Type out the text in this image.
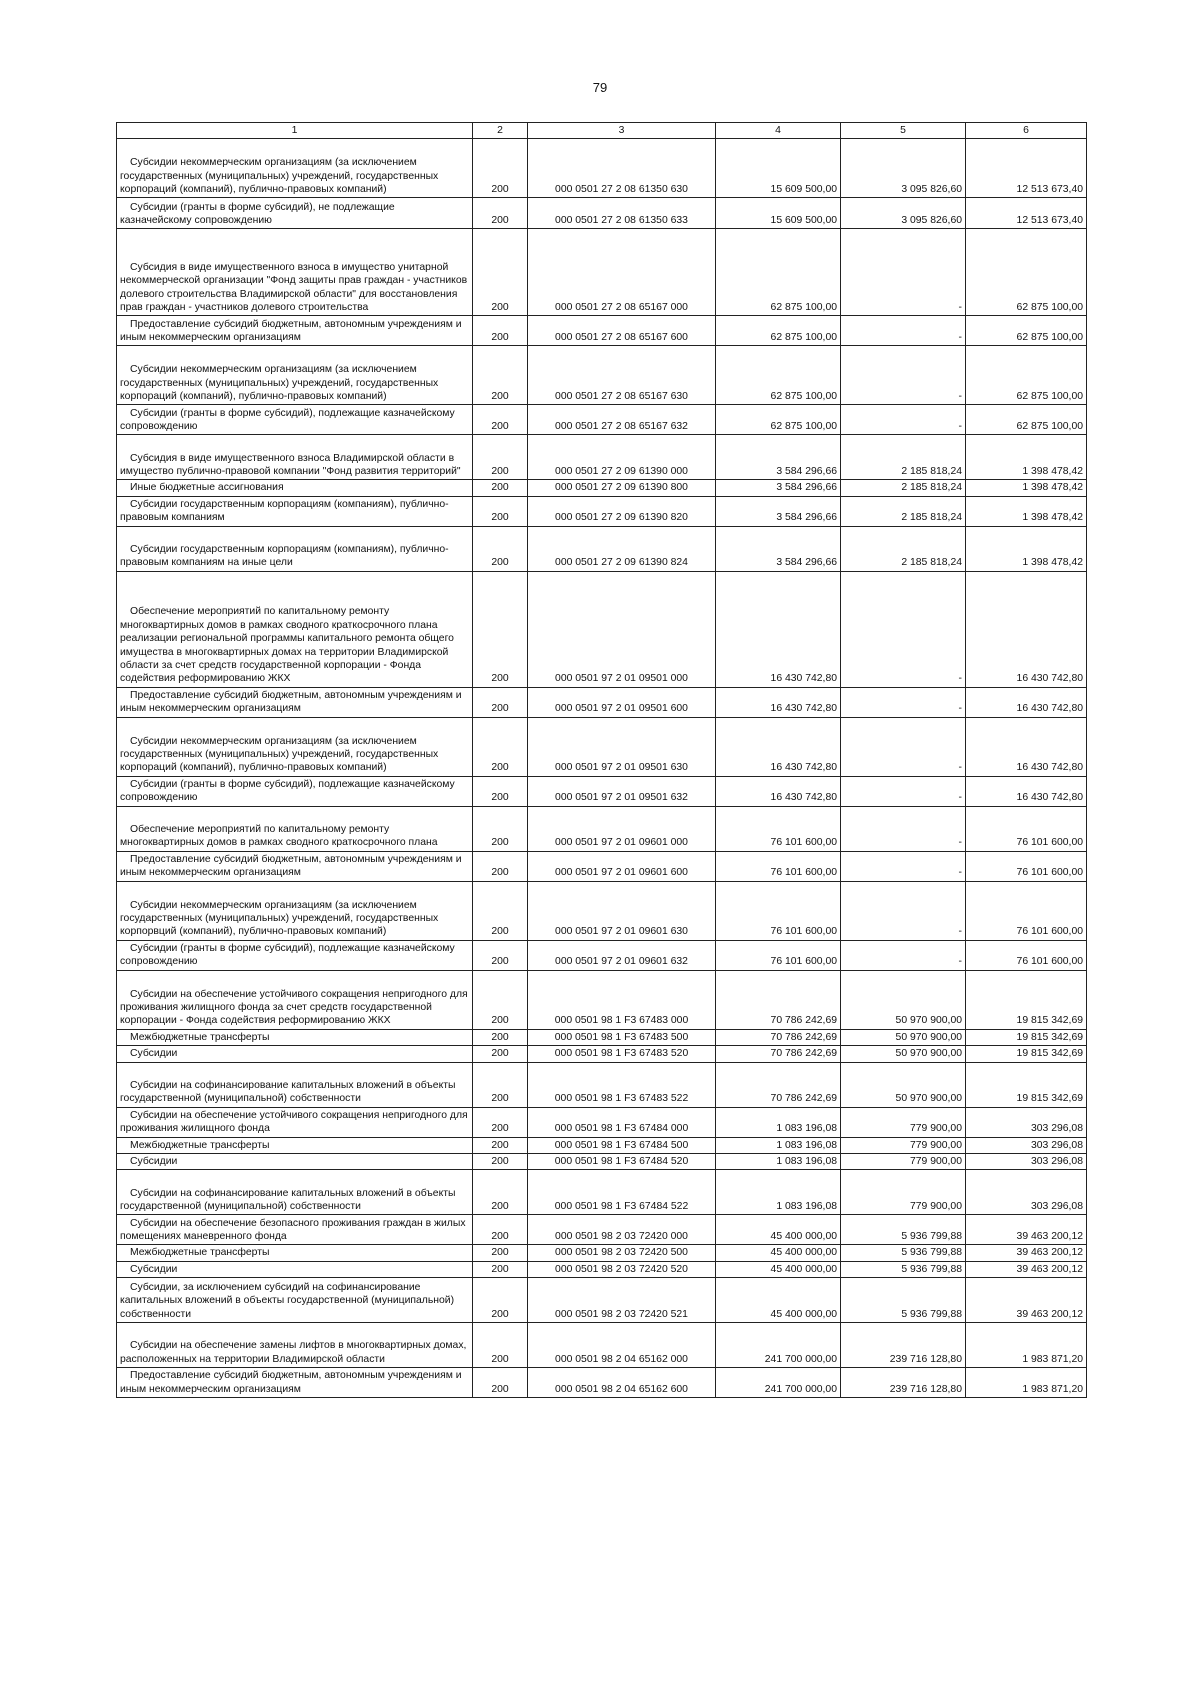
79
1	2	3	4	5	6

Субсидии некоммерческим организациям (за исключением государственных (муниципальных) учреждений, государственных корпораций (компаний), публично-правовых компаний)	200	000 0501 27 2 08 61350 630	15 609 500,00	3 095 826,60	12 513 673,40

Субсидии (гранты в форме субсидий), не подлежащие казначейскому сопровождению	200	000 0501 27 2 08 61350 633	15 609 500,00	3 095 826,60	12 513 673,40

Субсидия в виде имущественного взноса в имущество унитарной некоммерческой организации "Фонд защиты прав граждан - участников долевого строительства Владимирской области" для восстановления прав граждан - участников долевого строительства	200	000 0501 27 2 08 65167 000	62 875 100,00	-	62 875 100,00

Предоставление субсидий бюджетным, автономным учреждениям и иным некоммерческим организациям	200	000 0501 27 2 08 65167 600	62 875 100,00	-	62 875 100,00

Субсидии некоммерческим организациям (за исключением государственных (муниципальных) учреждений, государственных корпораций (компаний), публично-правовых компаний)	200	000 0501 27 2 08 65167 630	62 875 100,00	-	62 875 100,00

Субсидии (гранты в форме субсидий), подлежащие казначейскому сопровождению	200	000 0501 27 2 08 65167 632	62 875 100,00	-	62 875 100,00

Субсидия в виде имущественного взноса Владимирской области в имущество публично-правовой компании "Фонд развития территорий"	200	000 0501 27 2 09 61390 000	3 584 296,66	2 185 818,24	1 398 478,42

Иные бюджетные ассигнования	200	000 0501 27 2 09 61390 800	3 584 296,66	2 185 818,24	1 398 478,42

Субсидии государственным корпорациям (компаниям), публично-правовым компаниям	200	000 0501 27 2 09 61390 820	3 584 296,66	2 185 818,24	1 398 478,42

Субсидии государственным корпорациям (компаниям), публично-правовым компаниям на иные цели	200	000 0501 27 2 09 61390 824	3 584 296,66	2 185 818,24	1 398 478,42

Обеспечение мероприятий по капитальному ремонту многоквартирных домов в рамках сводного краткосрочного плана реализации региональной программы капитального ремонта общего имущества в многоквартирных домах на территории Владимирской области за счет средств государственной корпорации - Фонда содействия реформированию ЖКХ	200	000 0501 97 2 01 09501 000	16 430 742,80	-	16 430 742,80

Предоставление субсидий бюджетным, автономным учреждениям и иным некоммерческим организациям	200	000 0501 97 2 01 09501 600	16 430 742,80	-	16 430 742,80

Субсидии некоммерческим организациям (за исключением государственных (муниципальных) учреждений, государственных корпораций (компаний), публично-правовых компаний)	200	000 0501 97 2 01 09501 630	16 430 742,80	-	16 430 742,80

Субсидии (гранты в форме субсидий), подлежащие казначейскому сопровождению	200	000 0501 97 2 01 09501 632	16 430 742,80	-	16 430 742,80

Обеспечение мероприятий по капитальному ремонту многоквартирных домов в рамках сводного краткосрочного плана	200	000 0501 97 2 01 09601 000	76 101 600,00	-	76 101 600,00

Предоставление субсидий бюджетным, автономным учреждениям и иным некоммерческим организациям	200	000 0501 97 2 01 09601 600	76 101 600,00	-	76 101 600,00

Субсидии некоммерческим организациям (за исключением государственных (муниципальных) учреждений, государственных корпорвций (компаний), публично-правовых компаний)	200	000 0501 97 2 01 09601 630	76 101 600,00	-	76 101 600,00

Субсидии (гранты в форме субсидий), подлежащие казначейскому сопровождению	200	000 0501 97 2 01 09601 632	76 101 600,00	-	76 101 600,00

Субсидии на обеспечение устойчивого сокращения непригодного для проживания жилищного фонда за счет средств государственной корпорации - Фонда содействия реформированию ЖКХ	200	000 0501 98 1 F3 67483 000	70 786 242,69	50 970 900,00	19 815 342,69

Межбюджетные трансферты	200	000 0501 98 1 F3 67483 500	70 786 242,69	50 970 900,00	19 815 342,69

Субсидии	200	000 0501 98 1 F3 67483 520	70 786 242,69	50 970 900,00	19 815 342,69

Субсидии на софинансирование капитальных вложений в объекты государственной (муниципальной) собственности	200	000 0501 98 1 F3 67483 522	70 786 242,69	50 970 900,00	19 815 342,69

Субсидии на обеспечение устойчивого сокращения непригодного для проживания жилищного фонда	200	000 0501 98 1 F3 67484 000	1 083 196,08	779 900,00	303 296,08

Межбюджетные трансферты	200	000 0501 98 1 F3 67484 500	1 083 196,08	779 900,00	303 296,08

Субсидии	200	000 0501 98 1 F3 67484 520	1 083 196,08	779 900,00	303 296,08

Субсидии на софинансирование капитальных вложений в объекты государственной (муниципальной) собственности	200	000 0501 98 1 F3 67484 522	1 083 196,08	779 900,00	303 296,08

Субсидии на обеспечение безопасного проживания граждан в жилых помещениях маневренного фонда	200	000 0501 98 2 03 72420 000	45 400 000,00	5 936 799,88	39 463 200,12

Межбюджетные трансферты	200	000 0501 98 2 03 72420 500	45 400 000,00	5 936 799,88	39 463 200,12

Субсидии	200	000 0501 98 2 03 72420 520	45 400 000,00	5 936 799,88	39 463 200,12

Субсидии, за исключением субсидий на софинансирование капитальных вложений в объекты государственной (муниципальной) собственности	200	000 0501 98 2 03 72420 521	45 400 000,00	5 936 799,88	39 463 200,12

Субсидии на обеспечение замены лифтов в многоквартирных домах, расположенных на территории Владимирской области	200	000 0501 98 2 04 65162 000	241 700 000,00	239 716 128,80	1 983 871,20

Предоставление субсидий бюджетным, автономным учреждениям и иным некоммерческим организациям	200	000 0501 98 2 04 65162 600	241 700 000,00	239 716 128,80	1 983 871,20
